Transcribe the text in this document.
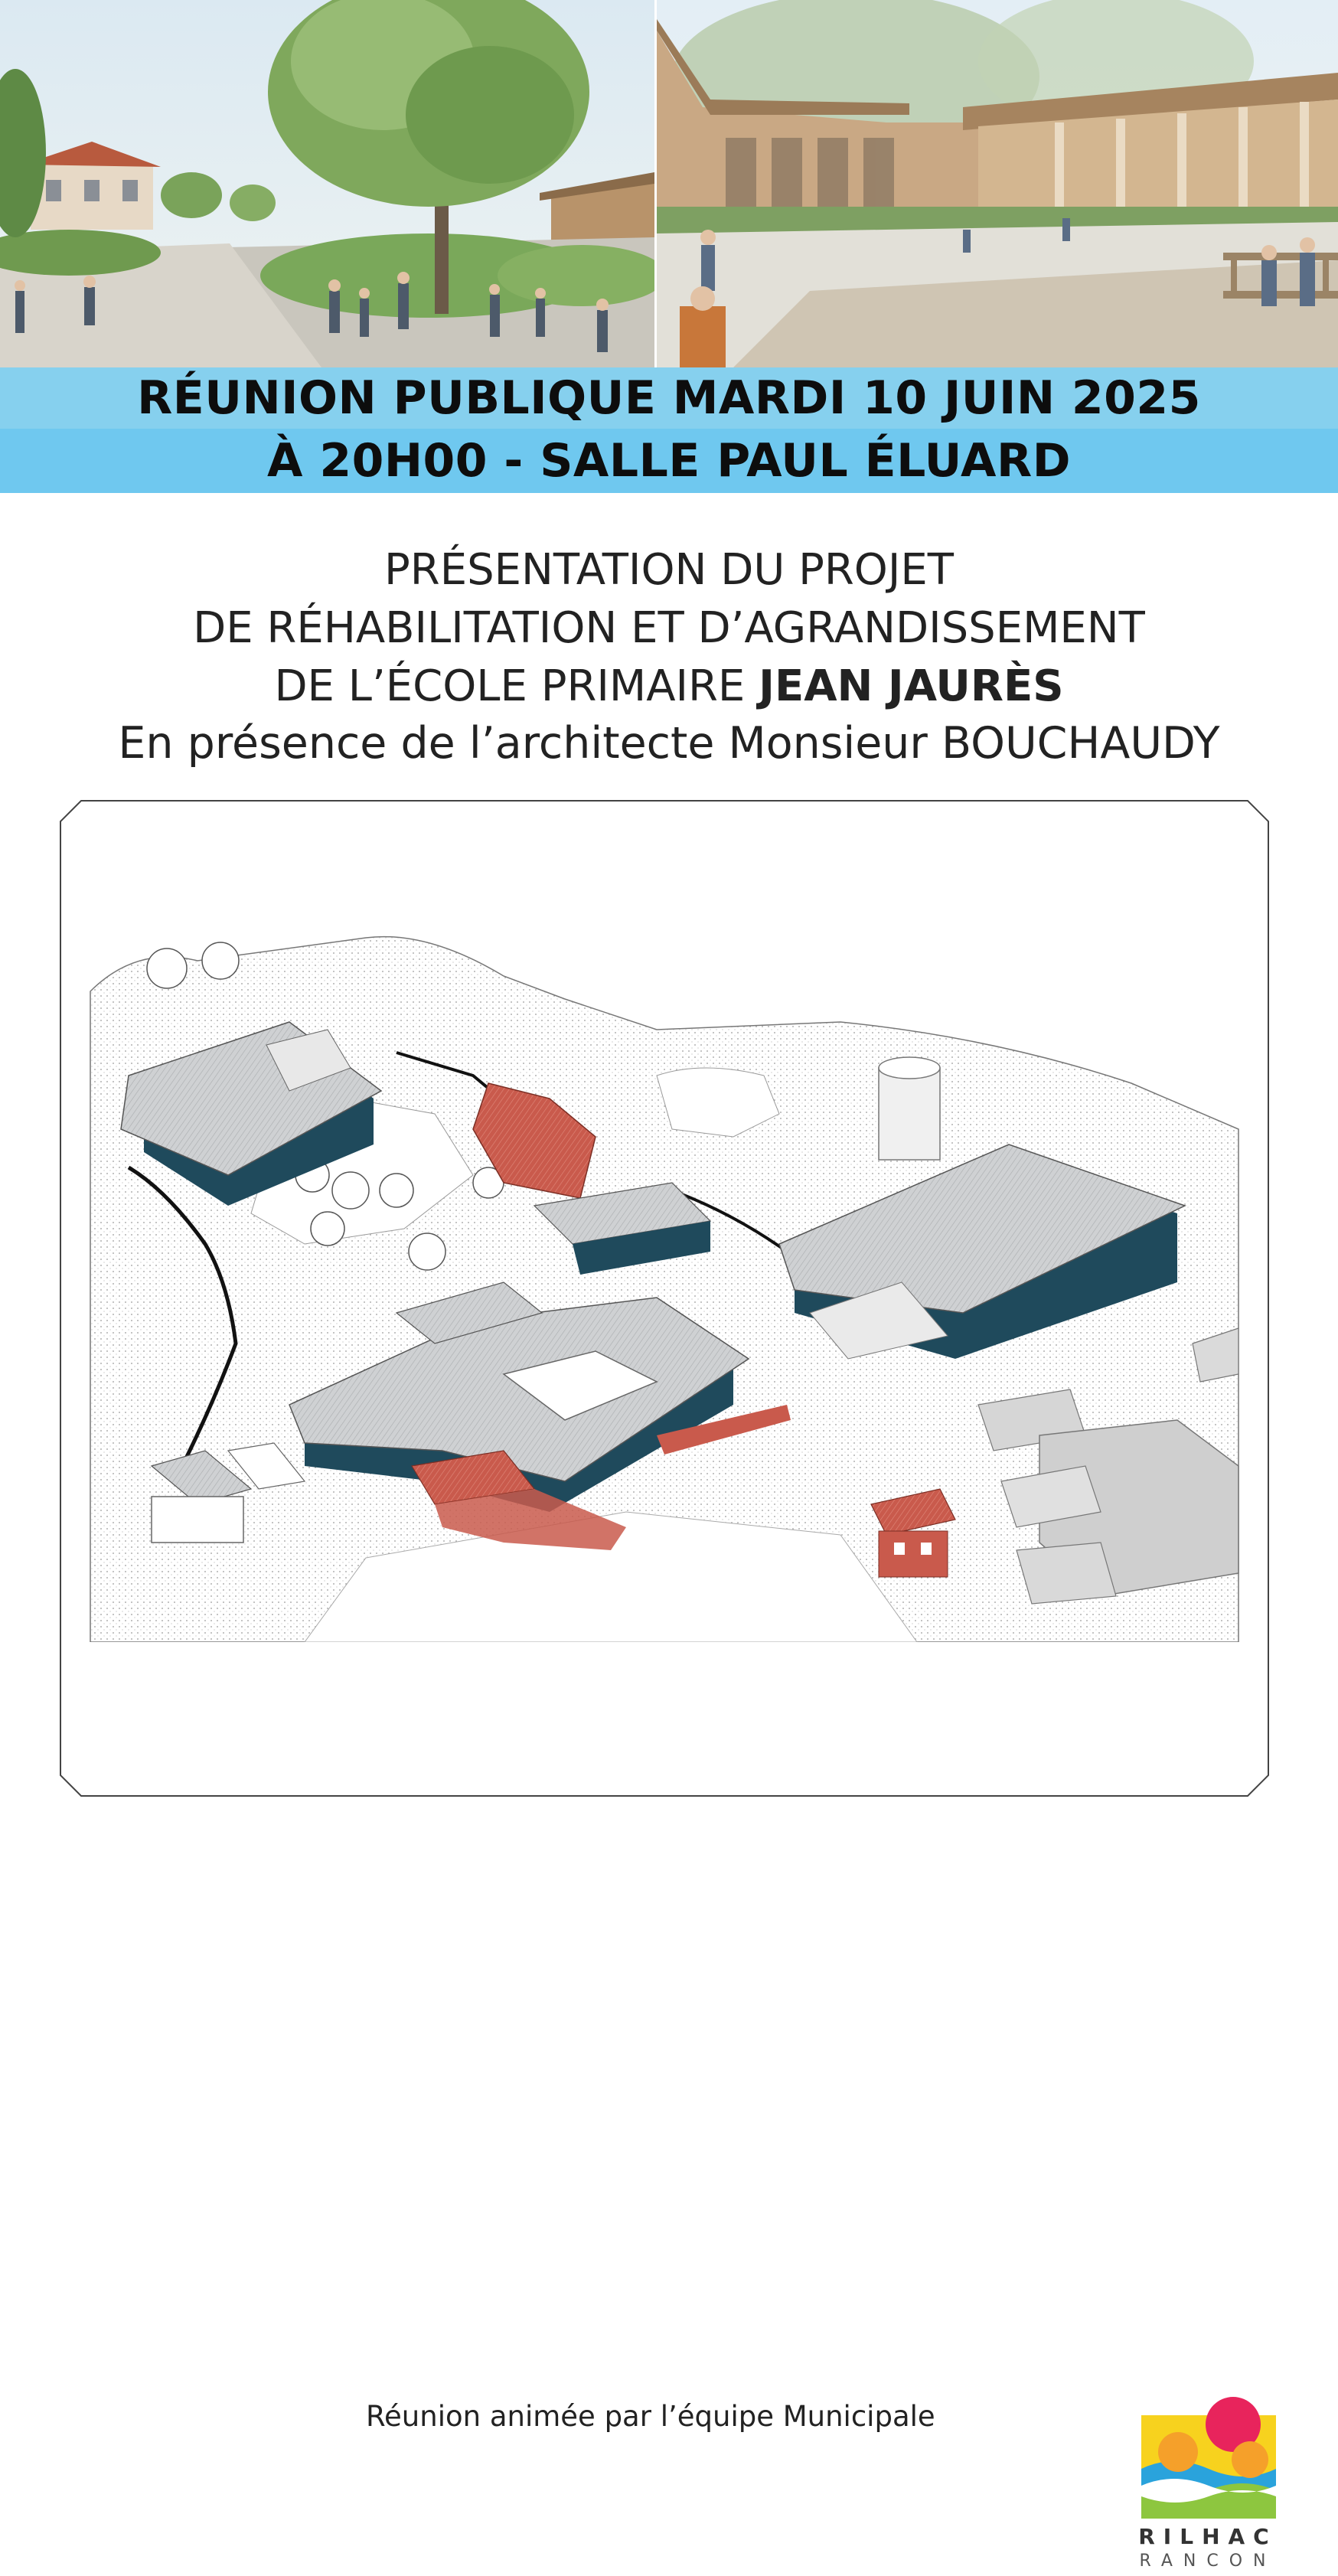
RÉUNION PUBLIQUE MARDI 10 JUIN 2025
À 20H00 - SALLE PAUL ÉLUARD
PRÉSENTATION DU PROJET
DE RÉHABILITATION ET D’AGRANDISSEMENT
DE L’ÉCOLE PRIMAIRE JEAN JAURÈS
En présence de l’architecte Monsieur BOUCHAUDY
Réunion animée par l’équipe Municipale
RILHAC
RANCON
